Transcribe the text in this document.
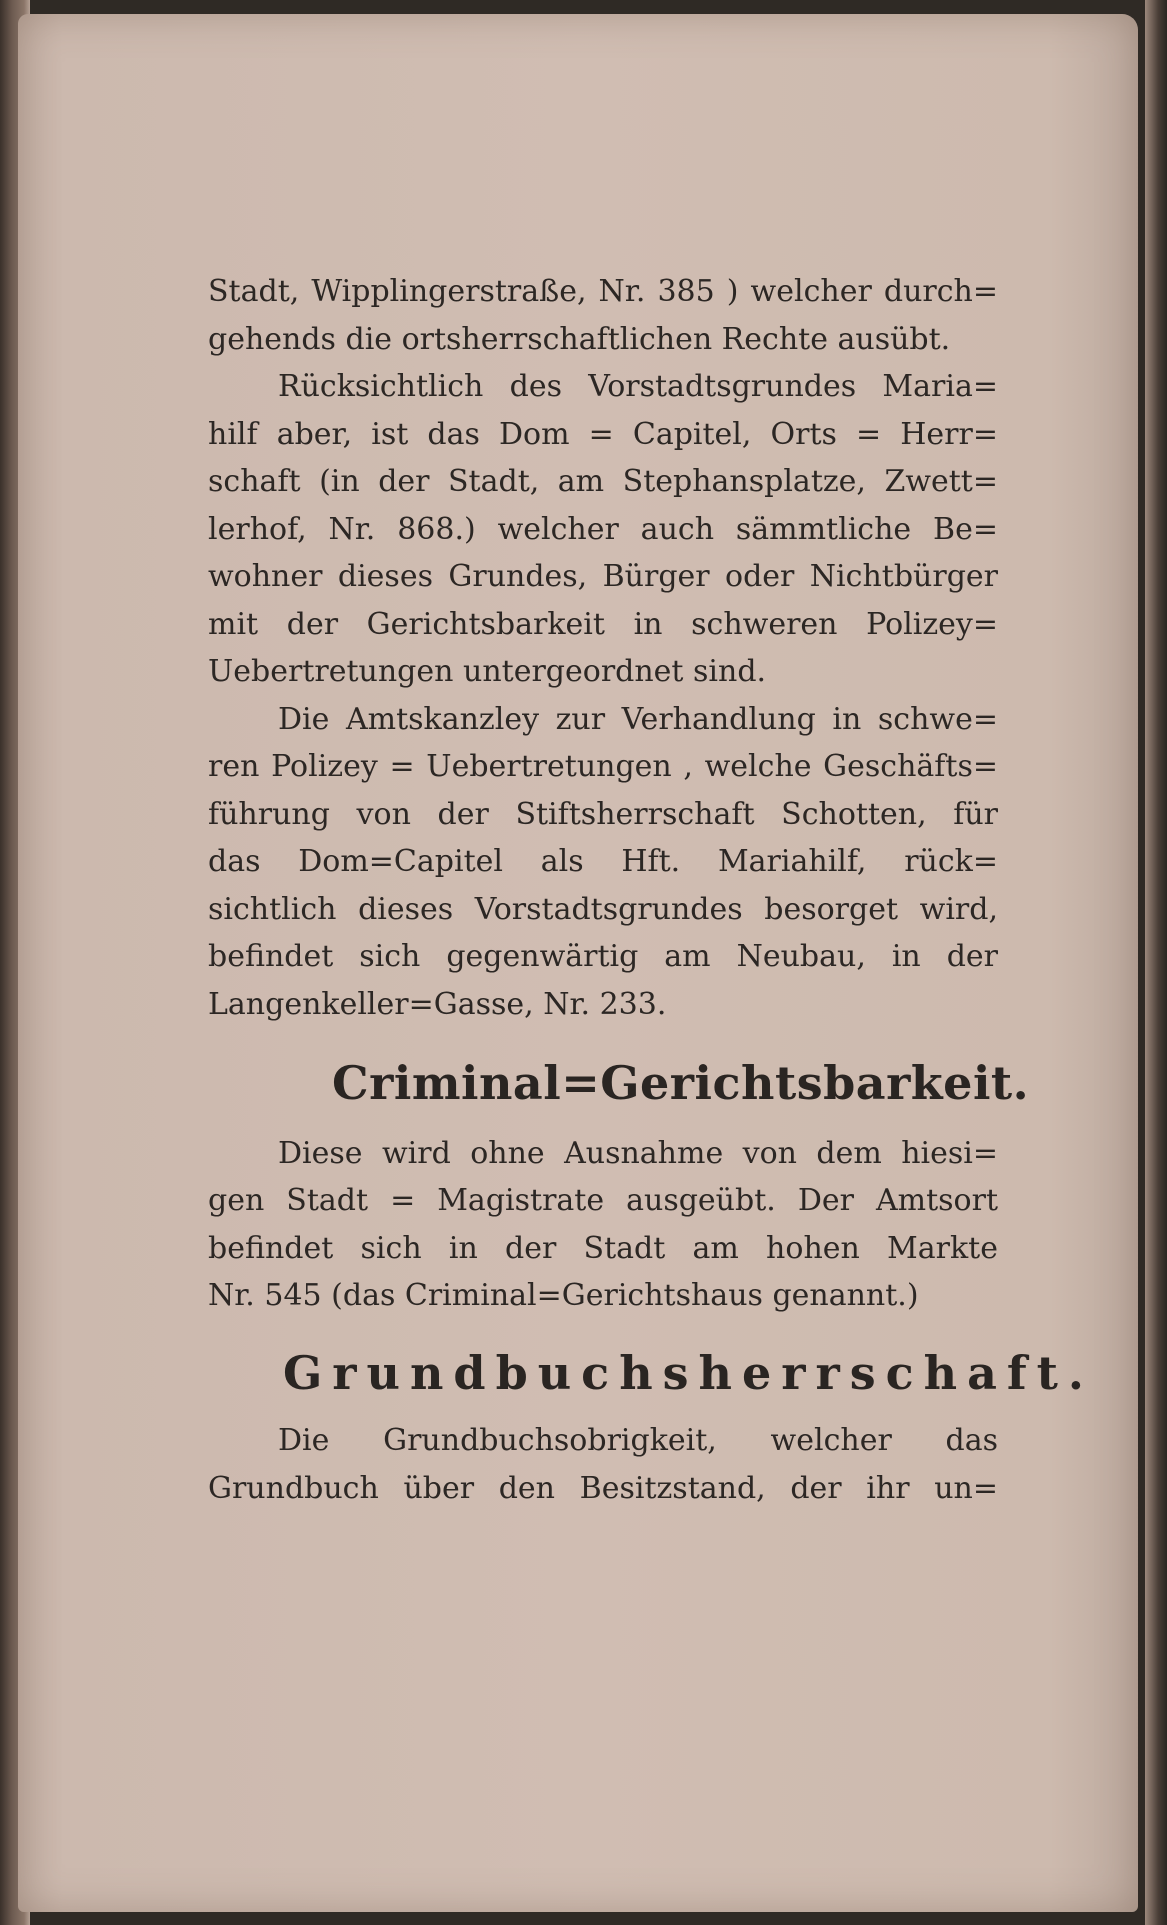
Stadt, Wipplingerstraße, Nr. 385 ) welcher durch=
gehends die ortsherrschaftlichen Rechte ausübt.
Rücksichtlich des Vorstadtsgrundes Maria=
hilf aber, ist das Dom = Capitel, Orts = Herr=
schaft (in der Stadt, am Stephansplatze, Zwett=
lerhof, Nr. 868.) welcher auch sämmtliche Be=
wohner dieses Grundes, Bürger oder Nichtbürger
mit der Gerichtsbarkeit in schweren Polizey=
Uebertretungen untergeordnet sind.
Die Amtskanzley zur Verhandlung in schwe=
ren Polizey = Uebertretungen , welche Geschäfts=
führung von der Stiftsherrschaft Schotten, für
das Dom=Capitel als Hft. Mariahilf, rück=
sichtlich dieses Vorstadtsgrundes besorget wird,
befindet sich gegenwärtig am Neubau, in der
Langenkeller=Gasse, Nr. 233.
Criminal=Gerichtsbarkeit.
Diese wird ohne Ausnahme von dem hiesi=
gen Stadt = Magistrate ausgeübt. Der Amtsort
befindet sich in der Stadt am hohen Markte
Nr. 545 (das Criminal=Gerichtshaus genannt.)
Grundbuchsherrschaft.
Die Grundbuchsobrigkeit, welcher das
Grundbuch über den Besitzstand, der ihr un=
